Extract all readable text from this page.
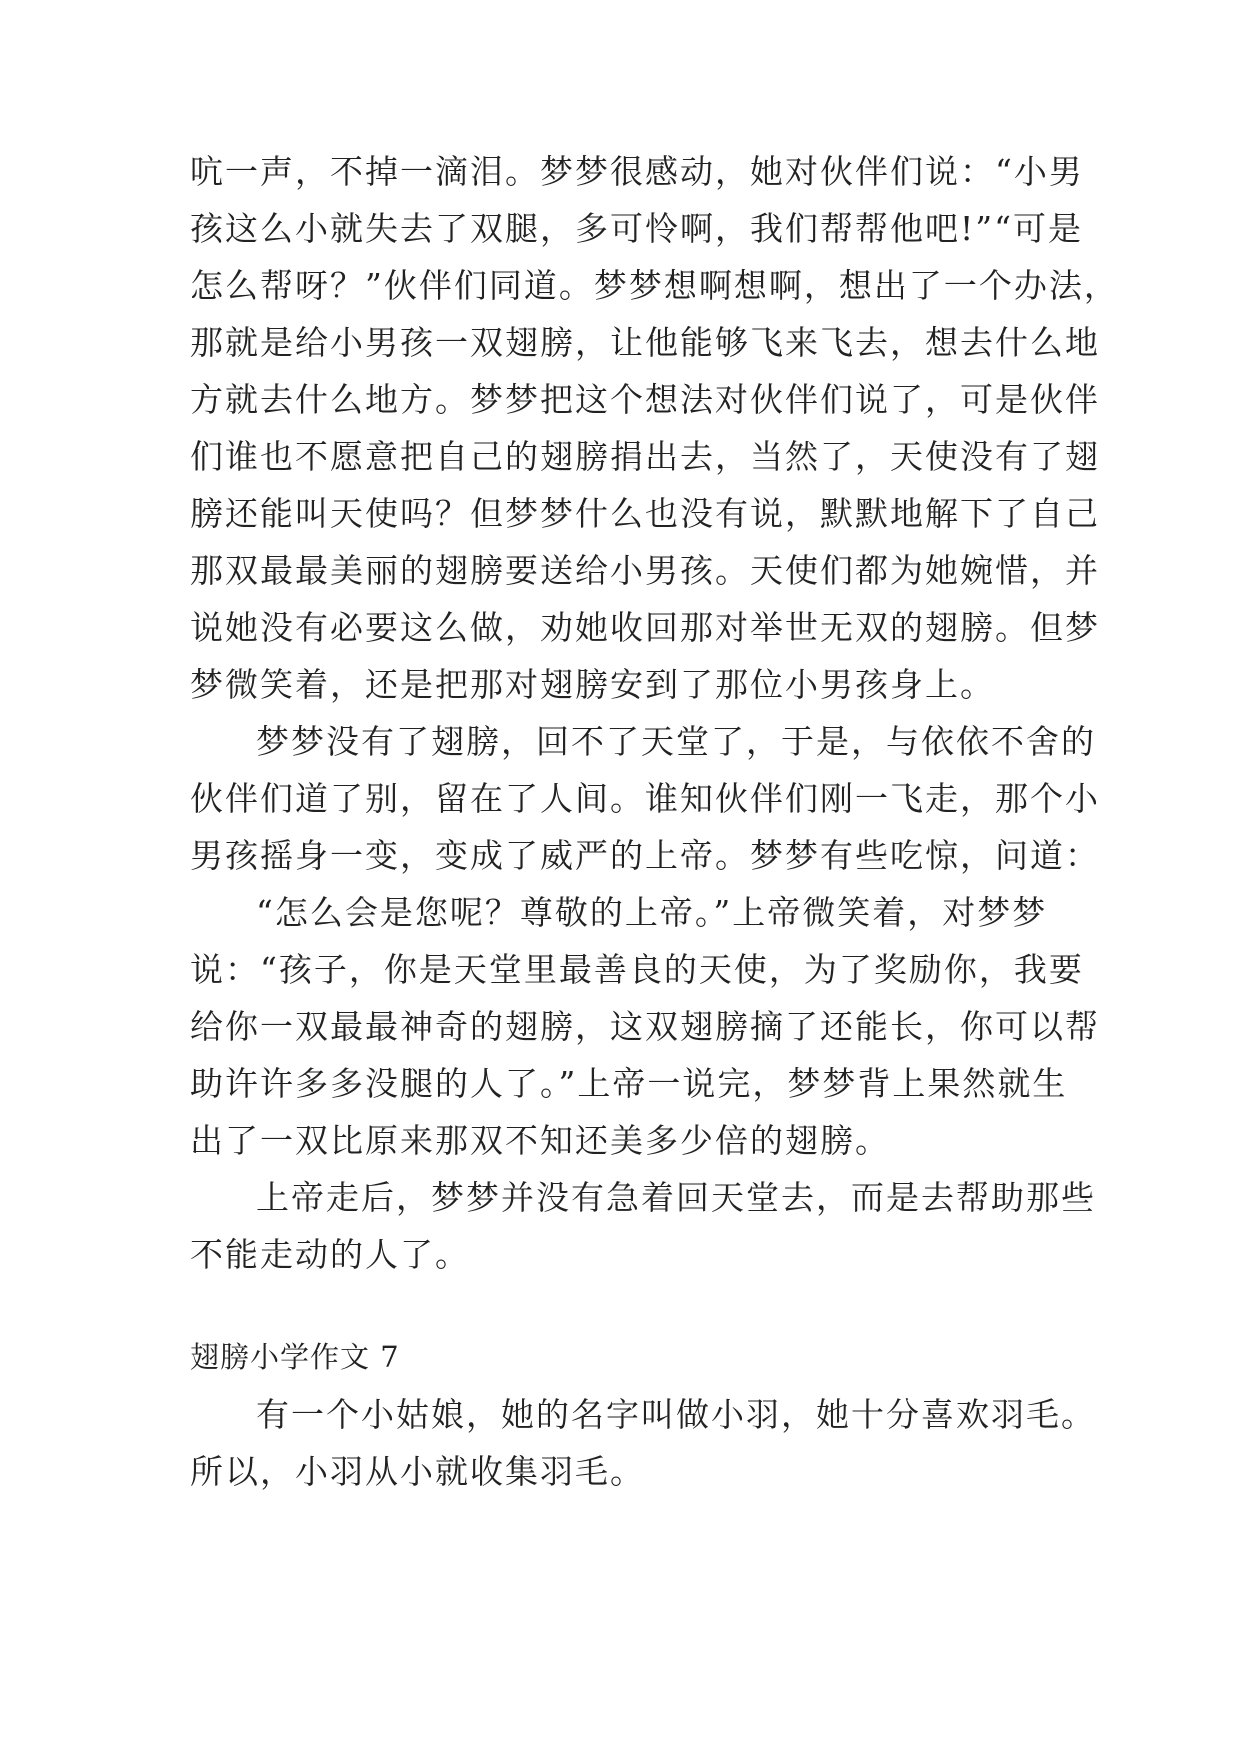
吭一声，不掉一滴泪。梦梦很感动，她对伙伴们说：“小男
孩这么小就失去了双腿，多可怜啊，我们帮帮他吧!”“可是
怎么帮呀？”伙伴们同道。梦梦想啊想啊，想出了一个办法，
那就是给小男孩一双翅膀，让他能够飞来飞去，想去什么地
方就去什么地方。梦梦把这个想法对伙伴们说了，可是伙伴
们谁也不愿意把自己的翅膀捐出去，当然了，天使没有了翅
膀还能叫天使吗？但梦梦什么也没有说，默默地解下了自己
那双最最美丽的翅膀要送给小男孩。天使们都为她婉惜，并
说她没有必要这么做，劝她收回那对举世无双的翅膀。但梦
梦微笑着，还是把那对翅膀安到了那位小男孩身上。
梦梦没有了翅膀，回不了天堂了，于是，与依依不舍的
伙伴们道了别，留在了人间。谁知伙伴们刚一飞走，那个小
男孩摇身一变，变成了威严的上帝。梦梦有些吃惊，问道：
“怎么会是您呢？尊敬的上帝。”上帝微笑着，对梦梦
说：“孩子，你是天堂里最善良的天使，为了奖励你，我要
给你一双最最神奇的翅膀，这双翅膀摘了还能长，你可以帮
助许许多多没腿的人了。”上帝一说完，梦梦背上果然就生
出了一双比原来那双不知还美多少倍的翅膀。
上帝走后，梦梦并没有急着回天堂去，而是去帮助那些
不能走动的人了。
翅膀小学作文 7
有一个小姑娘，她的名字叫做小羽，她十分喜欢羽毛。
所以，小羽从小就收集羽毛。
